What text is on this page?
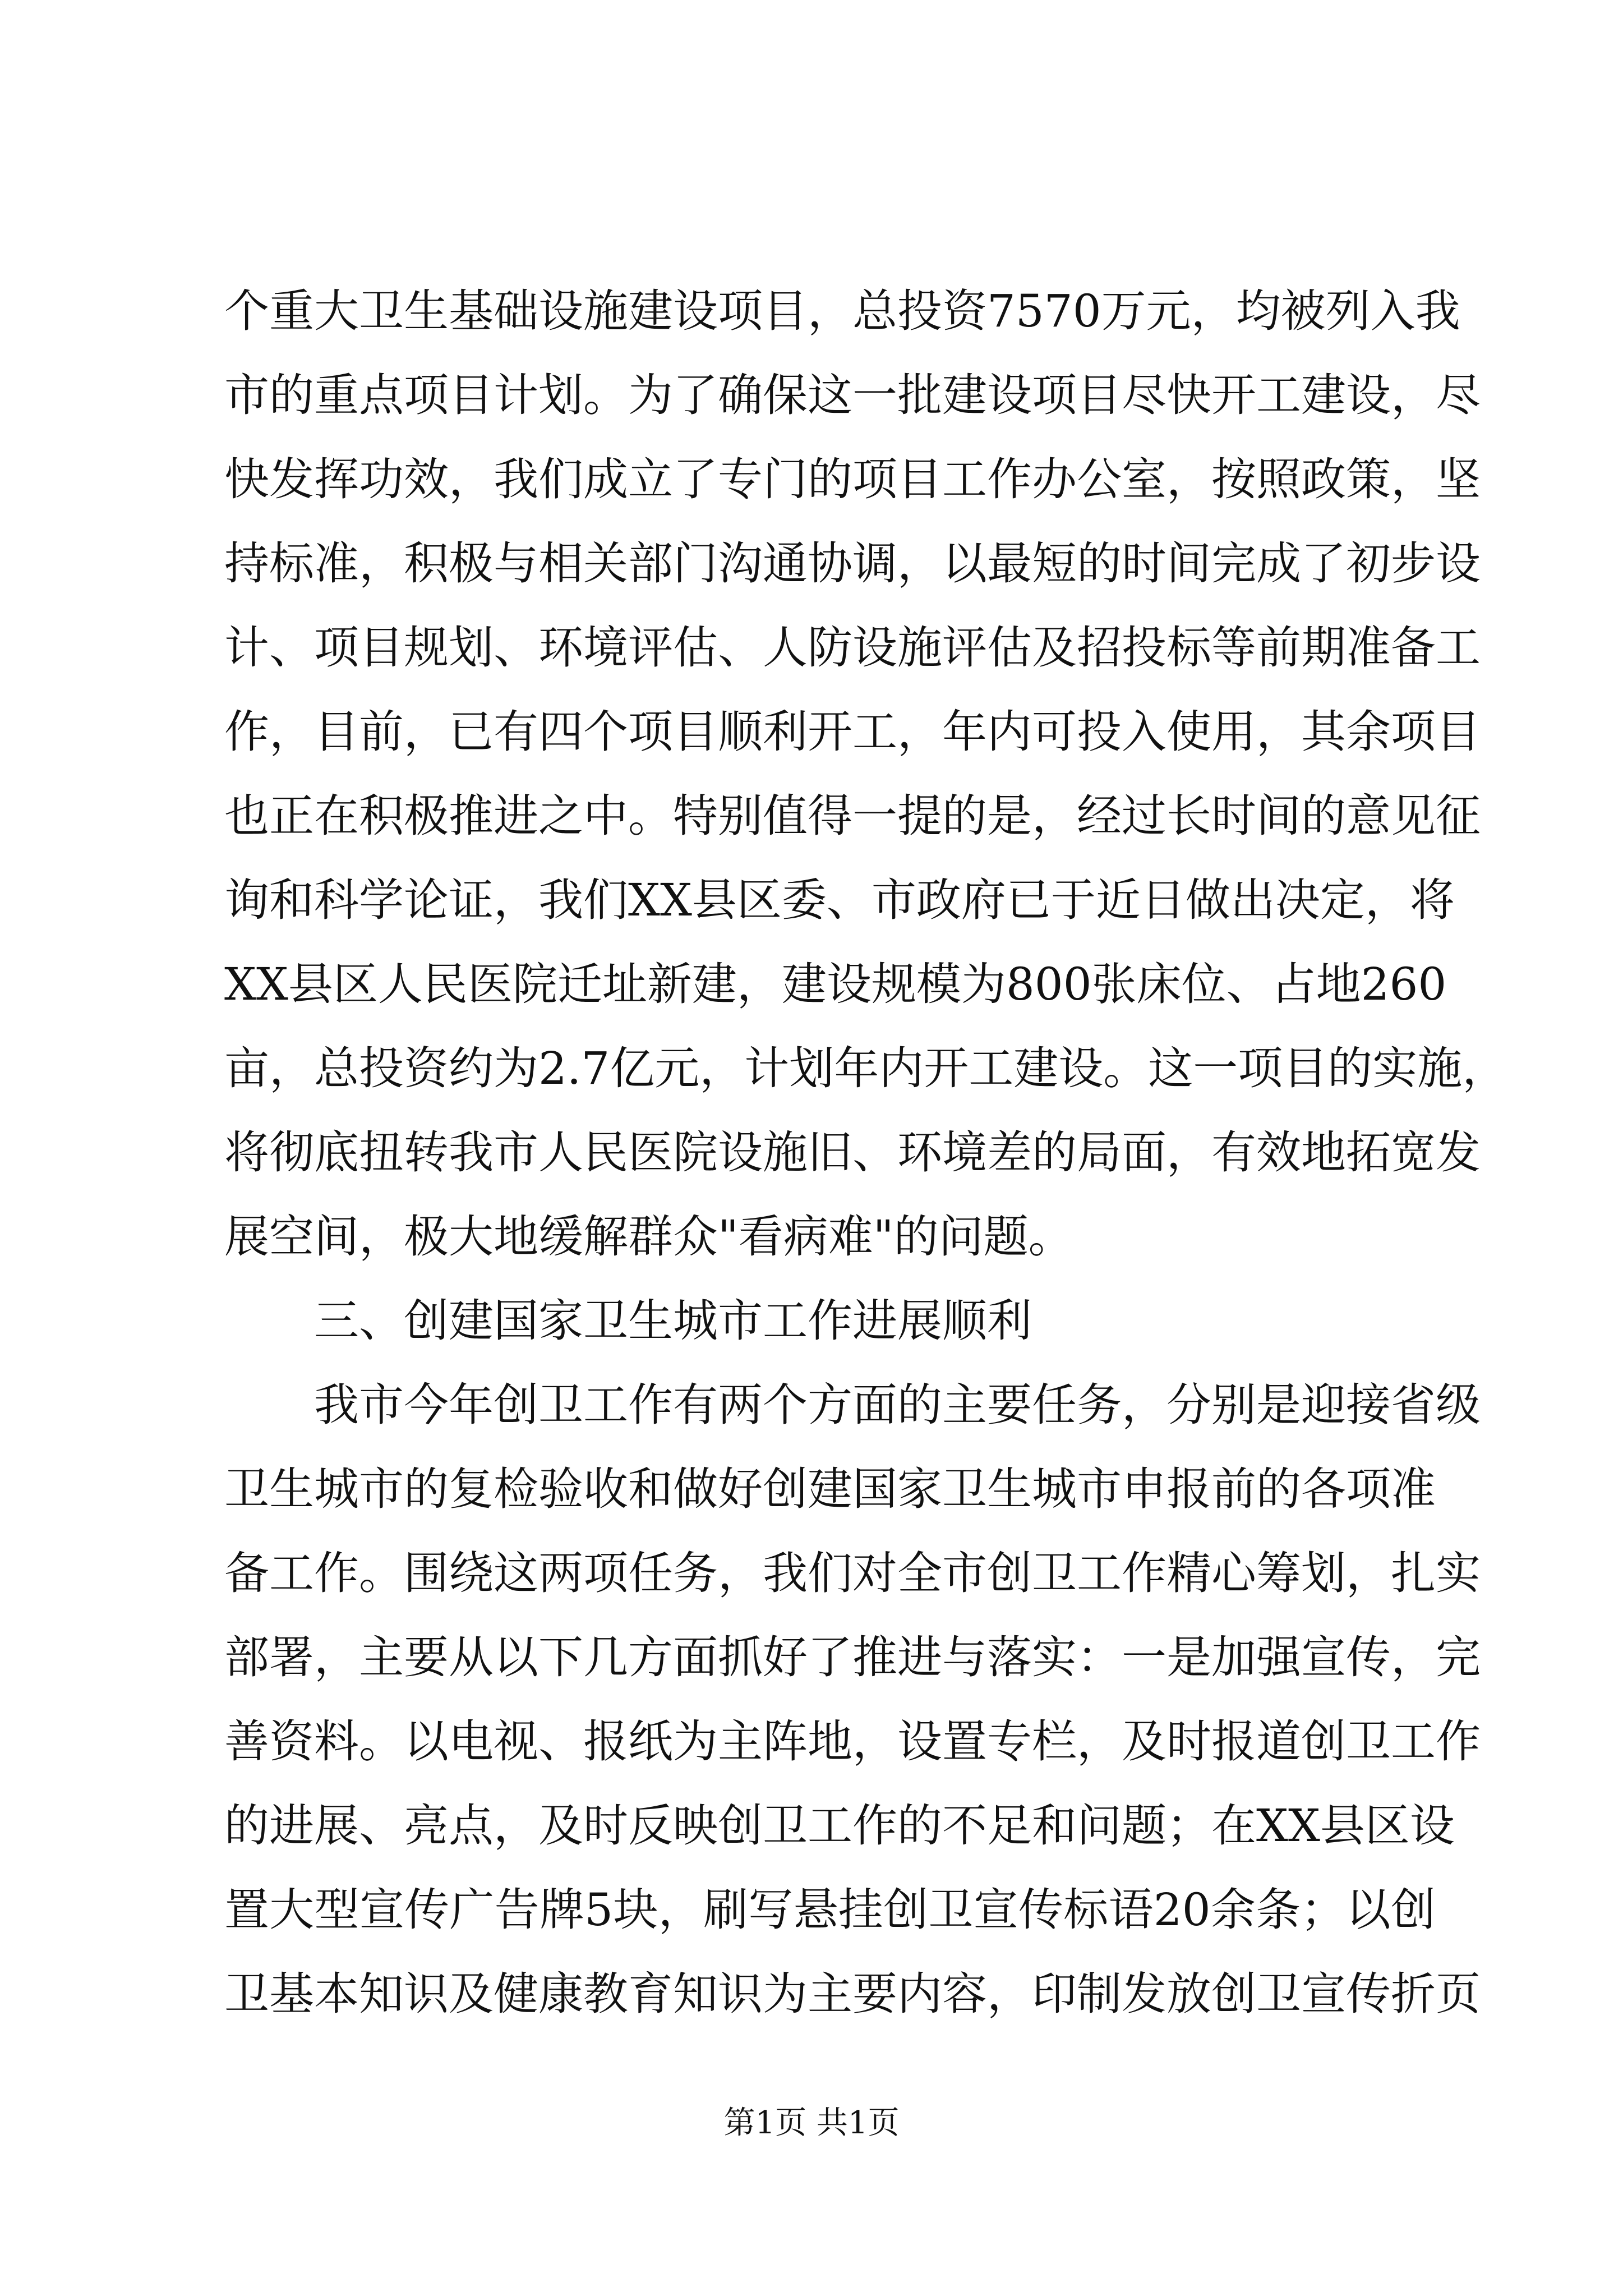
个重大卫生基础设施建设项目，总投资7570万元，均被列入我
市的重点项目计划。为了确保这一批建设项目尽快开工建设，尽
快发挥功效，我们成立了专门的项目工作办公室，按照政策，坚
持标准，积极与相关部门沟通协调，以最短的时间完成了初步设
计、项目规划、环境评估、人防设施评估及招投标等前期准备工
作，目前，已有四个项目顺利开工，年内可投入使用，其余项目
也正在积极推进之中。特别值得一提的是，经过长时间的意见征
询和科学论证，我们XX县区委、市政府已于近日做出决定，将
XX县区人民医院迁址新建，建设规模为800张床位、占地260
亩，总投资约为2.7亿元，计划年内开工建设。这一项目的实施，
将彻底扭转我市人民医院设施旧、环境差的局面，有效地拓宽发
展空间，极大地缓解群众"看病难"的问题。
三、创建国家卫生城市工作进展顺利
我市今年创卫工作有两个方面的主要任务，分别是迎接省级
卫生城市的复检验收和做好创建国家卫生城市申报前的各项准
备工作。围绕这两项任务，我们对全市创卫工作精心筹划，扎实
部署，主要从以下几方面抓好了推进与落实：一是加强宣传，完
善资料。以电视、报纸为主阵地，设置专栏，及时报道创卫工作
的进展、亮点，及时反映创卫工作的不足和问题；在XX县区设
置大型宣传广告牌5块，刷写悬挂创卫宣传标语20余条；以创
卫基本知识及健康教育知识为主要内容，印制发放创卫宣传折页
第1页 共1页
